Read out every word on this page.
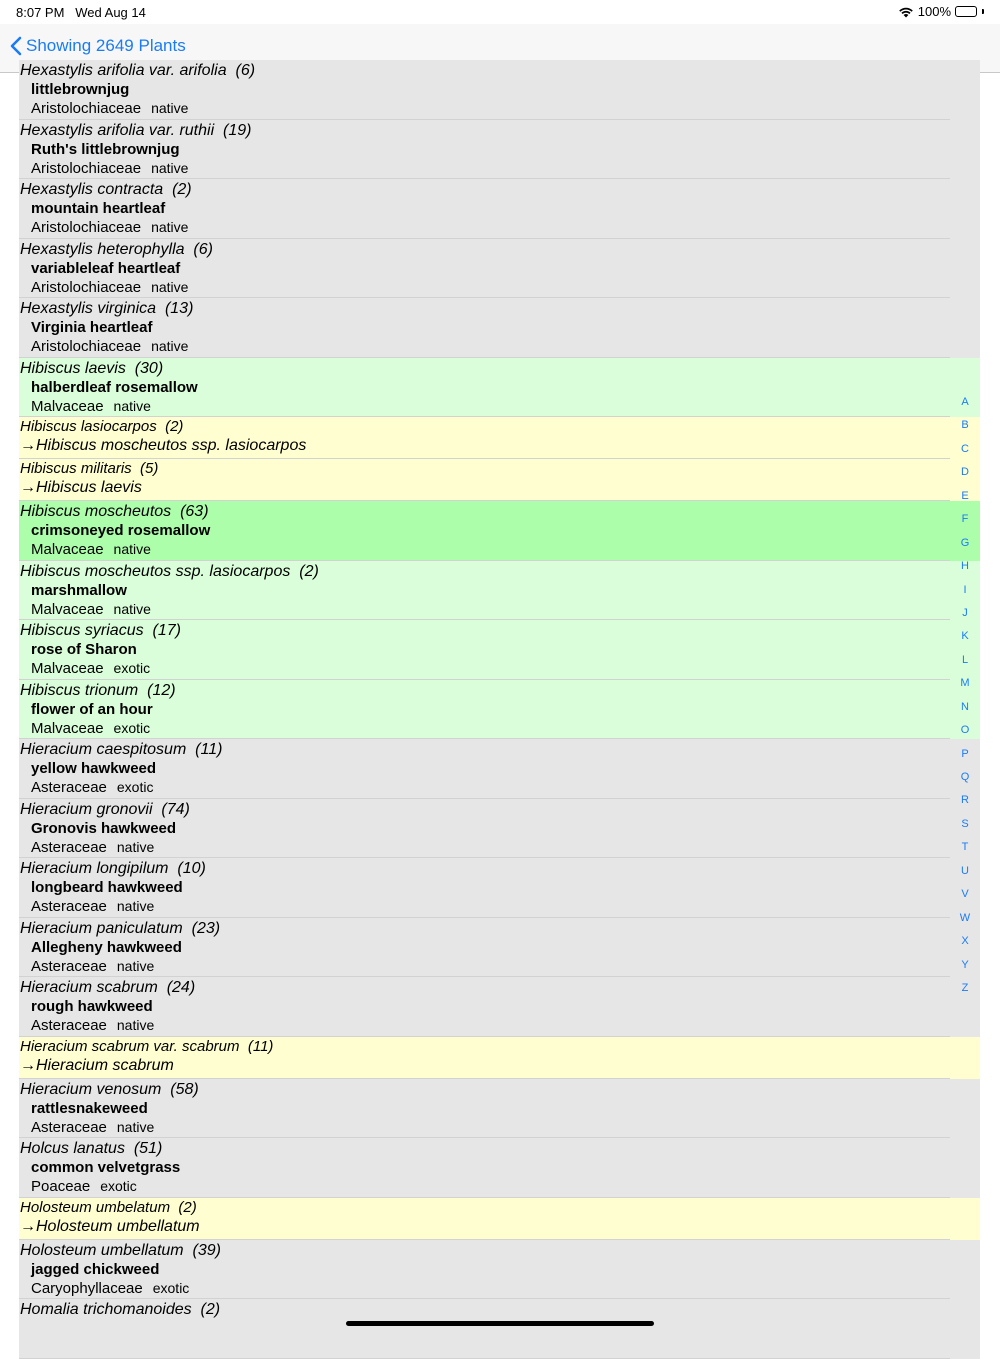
8:07 PM Wed Aug 14	100%
Showing 2649 Plants
Hexastylis arifolia var. arifolia (6)
littlebrownjug
Aristolochiaceae native
Hexastylis arifolia var. ruthii (19)
Ruth's littlebrownjug
Aristolochiaceae native
Hexastylis contracta (2)
mountain heartleaf
Aristolochiaceae native
Hexastylis heterophylla (6)
variableleaf heartleaf
Aristolochiaceae native
Hexastylis virginica (13)
Virginia heartleaf
Aristolochiaceae native
Hibiscus laevis (30)
halberdleaf rosemallow
Malvaceae native
Hibiscus lasiocarpos (2)
→Hibiscus moscheutos ssp. lasiocarpos
Hibiscus militaris (5)
→Hibiscus laevis
Hibiscus moscheutos (63)
crimsoneyed rosemallow
Malvaceae native
Hibiscus moscheutos ssp. lasiocarpos (2)
marshmallow
Malvaceae native
Hibiscus syriacus (17)
rose of Sharon
Malvaceae exotic
Hibiscus trionum (12)
flower of an hour
Malvaceae exotic
Hieracium caespitosum (11)
yellow hawkweed
Asteraceae exotic
Hieracium gronovii (74)
Gronovis hawkweed
Asteraceae native
Hieracium longipilum (10)
longbeard hawkweed
Asteraceae native
Hieracium paniculatum (23)
Allegheny hawkweed
Asteraceae native
Hieracium scabrum (24)
rough hawkweed
Asteraceae native
Hieracium scabrum var. scabrum (11)
→Hieracium scabrum
Hieracium venosum (58)
rattlesnakeweed
Asteraceae native
Holcus lanatus (51)
common velvetgrass
Poaceae exotic
Holosteum umbelatum (2)
→Holosteum umbellatum
Holosteum umbellatum (39)
jagged chickweed
Caryophyllaceae exotic
Homalia trichomanoides (2)
A
B
C
D
E
F
G
H
I
J
K
L
M
N
O
P
Q
R
S
T
U
V
W
X
Y
Z
